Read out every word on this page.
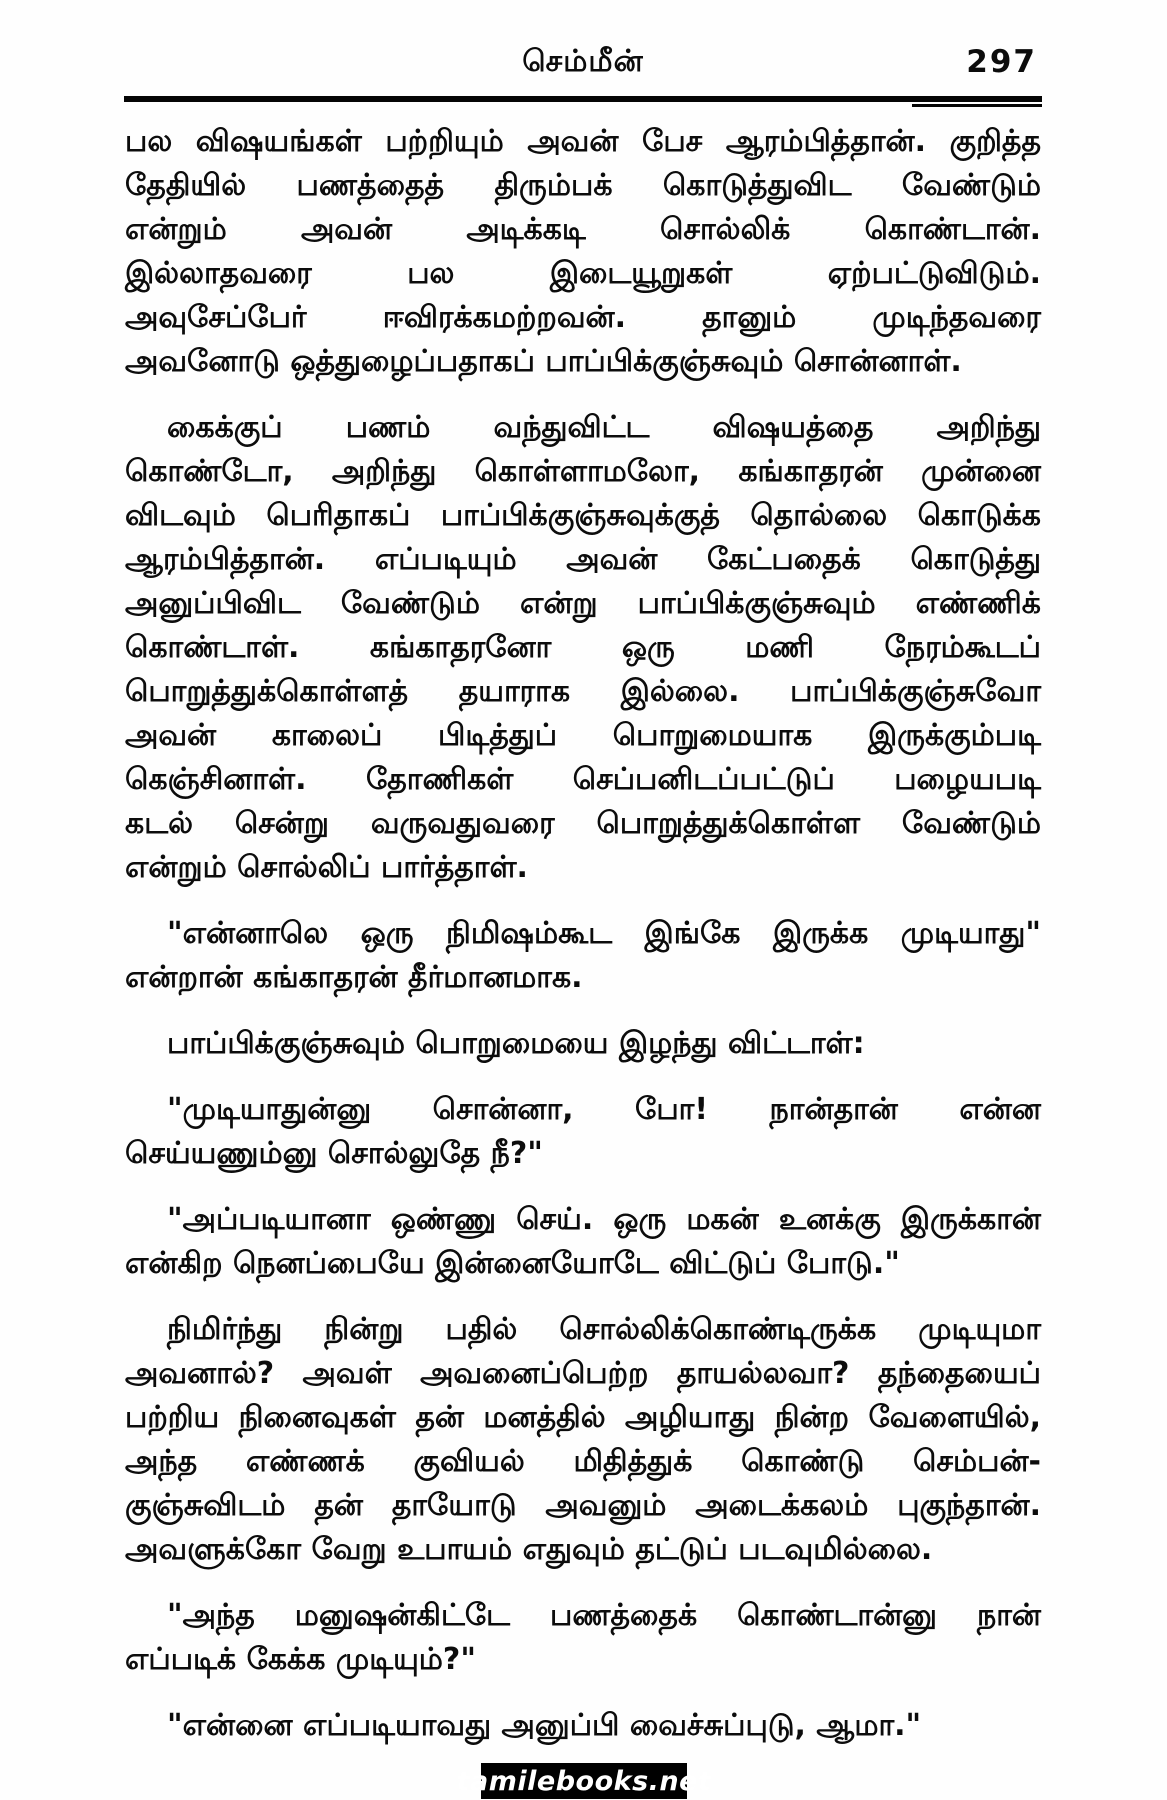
செம்மீன்	297
பல விஷயங்கள் பற்றியும் அவன் பேச ஆரம்பித்தான். குறித்த
தேதியில் பணத்தைத் திரும்பக் கொடுத்துவிட வேண்டும்
என்றும் அவன் அடிக்கடி சொல்லிக் கொண்டான்.
இல்லாதவரை பல இடையூறுகள் ஏற்பட்டுவிடும்.
அவுசேப்பேர் ஈவிரக்கமற்றவன். தானும் முடிந்தவரை
அவனோடு ஒத்துழைப்பதாகப் பாப்பிக்குஞ்சுவும் சொன்னாள்.
கைக்குப் பணம் வந்துவிட்ட விஷயத்தை அறிந்து
கொண்டோ, அறிந்து கொள்ளாமலோ, கங்காதரன் முன்னை
விடவும் பெரிதாகப் பாப்பிக்குஞ்சுவுக்குத் தொல்லை கொடுக்க
ஆரம்பித்தான். எப்படியும் அவன் கேட்பதைக் கொடுத்து
அனுப்பிவிட வேண்டும் என்று பாப்பிக்குஞ்சுவும் எண்ணிக்
கொண்டாள். கங்காதரனோ ஒரு மணி நேரம்கூடப்
பொறுத்துக்கொள்ளத் தயாராக இல்லை. பாப்பிக்குஞ்சுவோ
அவன் காலைப் பிடித்துப் பொறுமையாக இருக்கும்படி
கெஞ்சினாள். தோணிகள் செப்பனிடப்பட்டுப் பழையபடி
கடல் சென்று வருவதுவரை பொறுத்துக்கொள்ள வேண்டும்
என்றும் சொல்லிப் பார்த்தாள்.
"என்னாலெ ஒரு நிமிஷம்கூட இங்கே இருக்க முடியாது"
என்றான் கங்காதரன் தீர்மானமாக.
பாப்பிக்குஞ்சுவும் பொறுமையை இழந்து விட்டாள்:
"முடியாதுன்னு சொன்னா, போ! நான்தான் என்ன
செய்யணும்னு சொல்லுதே நீ?"
"அப்படியானா ஒண்ணு செய். ஒரு மகன் உனக்கு இருக்கான்
என்கிற நெனப்பையே இன்னையோடே விட்டுப் போடு."
நிமிர்ந்து நின்று பதில் சொல்லிக்கொண்டிருக்க முடியுமா
அவனால்? அவள் அவனைப்பெற்ற தாயல்லவா? தந்தையைப்
பற்றிய நினைவுகள் தன் மனத்தில் அழியாது நின்ற வேளையில்,
அந்த எண்ணக் குவியல் மிதித்துக் கொண்டு செம்பன்-
குஞ்சுவிடம் தன் தாயோடு அவனும் அடைக்கலம் புகுந்தான்.
அவளுக்கோ வேறு உபாயம் எதுவும் தட்டுப் படவுமில்லை.
"அந்த மனுஷன்கிட்டே பணத்தைக் கொண்டான்னு நான்
எப்படிக் கேக்க முடியும்?"
"என்னை எப்படியாவது அனுப்பி வைச்சுப்புடு, ஆமா."
tamilebooks.net
